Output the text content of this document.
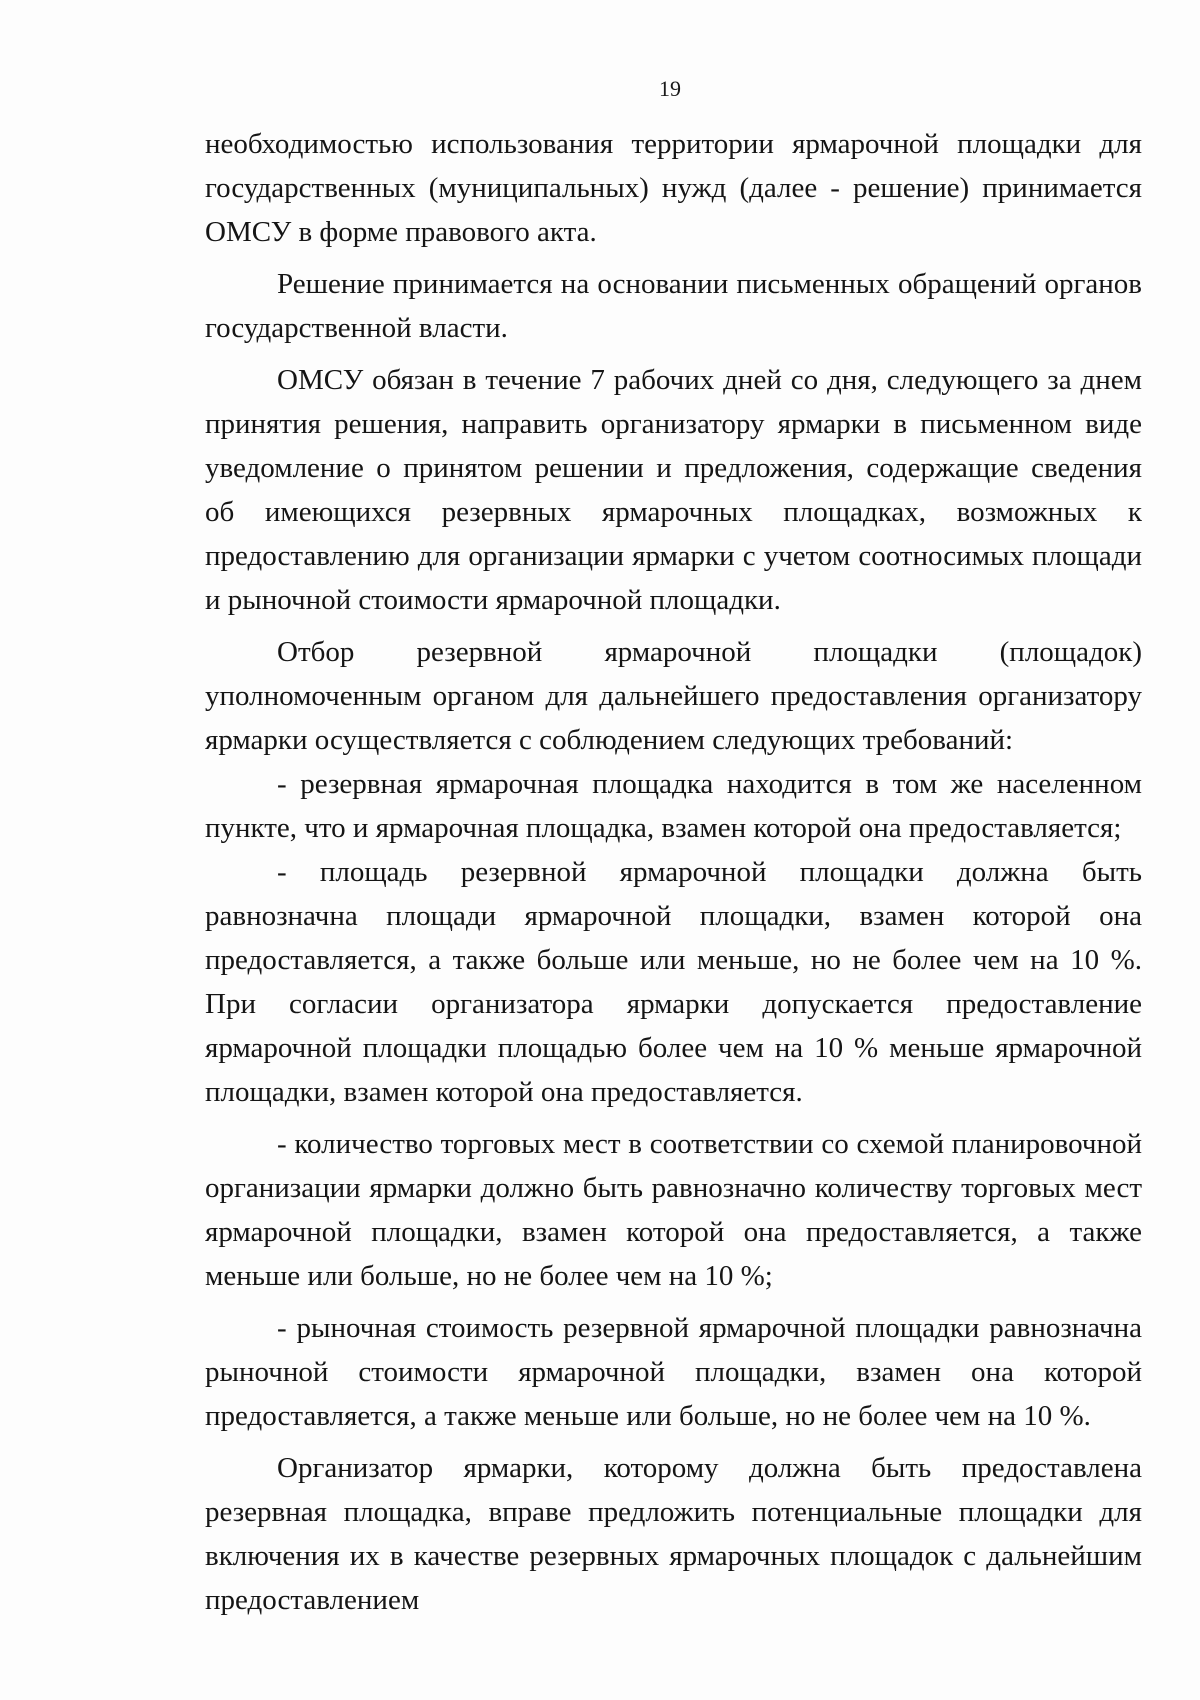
19

необходимостью использования территории ярмарочной площадки для государственных (муниципальных) нужд (далее - решение) принимается ОМСУ в форме правового акта.

Решение принимается на основании письменных обращений органов государственной власти.

ОМСУ обязан в течение 7 рабочих дней со дня, следующего за днем принятия решения, направить организатору ярмарки в письменном виде уведомление о принятом решении и предложения, содержащие сведения об имеющихся резервных ярмарочных площадках, возможных к предоставлению для организации ярмарки с учетом соотносимых площади и рыночной стоимости ярмарочной площадки.

Отбор резервной ярмарочной площадки (площадок) уполномоченным органом для дальнейшего предоставления организатору ярмарки осуществляется с соблюдением следующих требований:

- резервная ярмарочная площадка находится в том же населенном пункте, что и ярмарочная площадка, взамен которой она предоставляется;

- площадь резервной ярмарочной площадки должна быть равнозначна площади ярмарочной площадки, взамен которой она предоставляется, а также больше или меньше, но не более чем на 10 %. При согласии организатора ярмарки допускается предоставление ярмарочной площадки площадью более чем на 10 % меньше ярмарочной площадки, взамен которой она предоставляется.

- количество торговых мест в соответствии со схемой планировочной организации ярмарки должно быть равнозначно количеству торговых мест ярмарочной площадки, взамен которой она предоставляется, а также меньше или больше, но не более чем на 10 %;

- рыночная стоимость резервной ярмарочной площадки равнозначна рыночной стоимости ярмарочной площадки, взамен она которой предоставляется, а также меньше или больше, но не более чем на 10 %.

Организатор ярмарки, которому должна быть предоставлена резервная площадка, вправе предложить потенциальные площадки для включения их в качестве резервных ярмарочных площадок с дальнейшим предоставлением
